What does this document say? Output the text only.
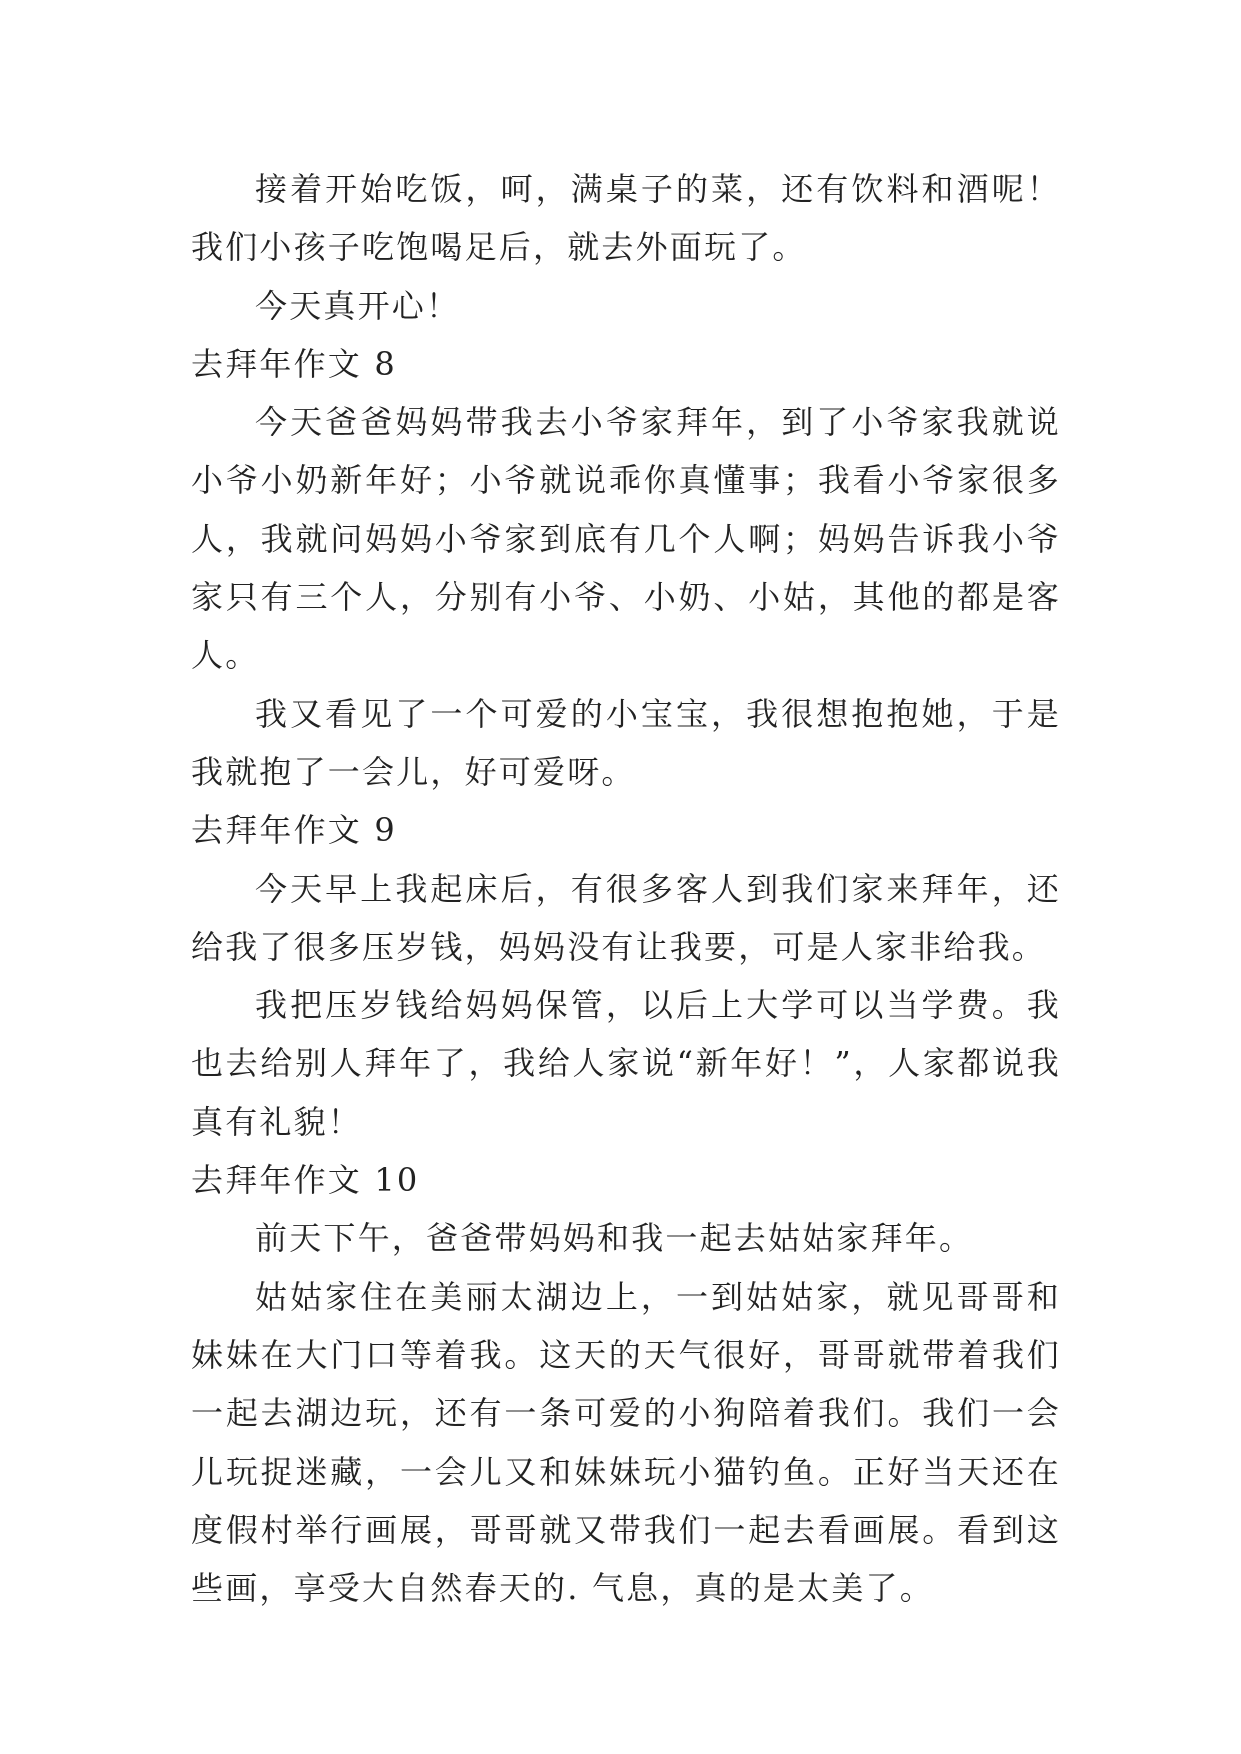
接着开始吃饭，呵，满桌子的菜，还有饮料和酒呢！我们小孩子吃饱喝足后，就去外面玩了。

今天真开心！

去拜年作文 8

今天爸爸妈妈带我去小爷家拜年，到了小爷家我就说小爷小奶新年好；小爷就说乖你真懂事；我看小爷家很多人，我就问妈妈小爷家到底有几个人啊；妈妈告诉我小爷家只有三个人，分别有小爷、小奶、小姑，其他的都是客人。

我又看见了一个可爱的小宝宝，我很想抱抱她，于是我就抱了一会儿，好可爱呀。

去拜年作文 9

今天早上我起床后，有很多客人到我们家来拜年，还给我了很多压岁钱，妈妈没有让我要，可是人家非给我。

我把压岁钱给妈妈保管，以后上大学可以当学费。我也去给别人拜年了，我给人家说“新年好！”，人家都说我真有礼貌！

去拜年作文 10

前天下午，爸爸带妈妈和我一起去姑姑家拜年。

姑姑家住在美丽太湖边上，一到姑姑家，就见哥哥和妹妹在大门口等着我。这天的天气很好，哥哥就带着我们一起去湖边玩，还有一条可爱的小狗陪着我们。我们一会儿玩捉迷藏，一会儿又和妹妹玩小猫钓鱼。正好当天还在度假村举行画展，哥哥就又带我们一起去看画展。看到这些画，享受大自然春天的. 气息，真的是太美了。
